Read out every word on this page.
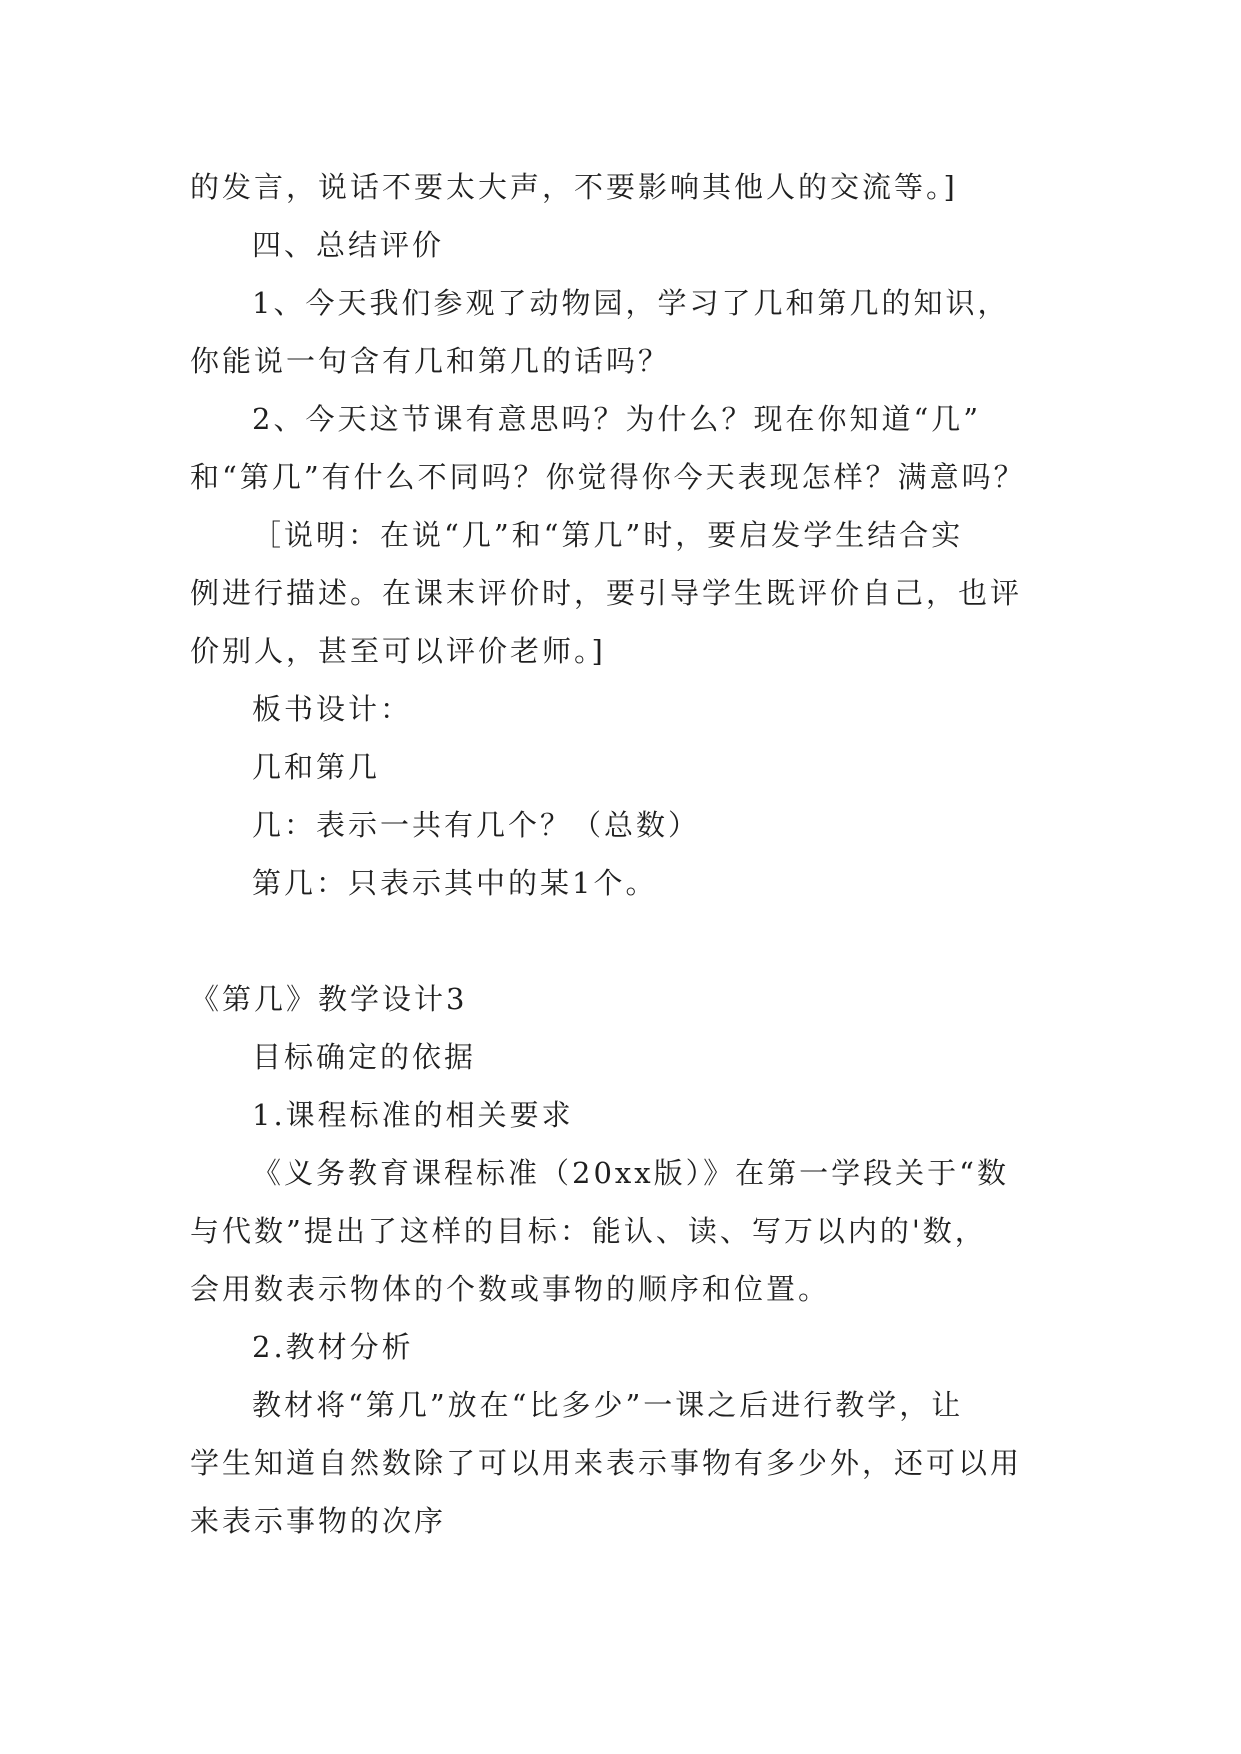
的发言，说话不要太大声，不要影响其他人的交流等。]
四、总结评价
1、今天我们参观了动物园，学习了几和第几的知识，
你能说一句含有几和第几的话吗？
2、今天这节课有意思吗？为什么？现在你知道“几”
和“第几”有什么不同吗？你觉得你今天表现怎样？满意吗？
［说明：在说“几”和“第几”时，要启发学生结合实
例进行描述。在课末评价时，要引导学生既评价自己，也评
价别人，甚至可以评价老师。]
板书设计：
几和第几
几：表示一共有几个？（总数）
第几：只表示其中的某1个。
《第几》教学设计3
目标确定的依据
1.课程标准的相关要求
《义务教育课程标准（20xx版）》在第一学段关于“数
与代数”提出了这样的目标：能认、读、写万以内的'数，
会用数表示物体的个数或事物的顺序和位置。
2.教材分析
教材将“第几”放在“比多少”一课之后进行教学，让
学生知道自然数除了可以用来表示事物有多少外，还可以用
来表示事物的次序
